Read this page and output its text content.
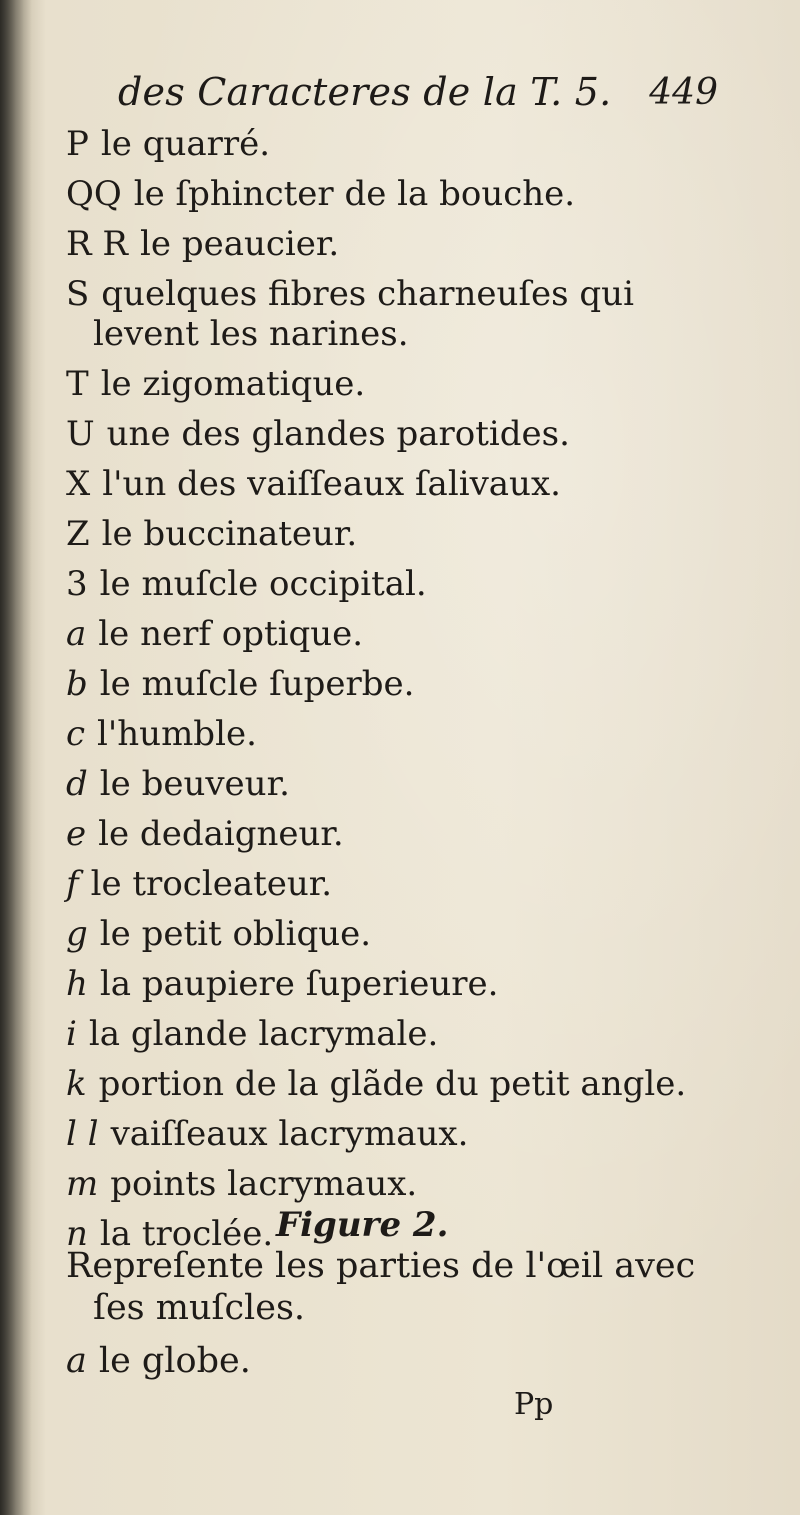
des Caracteres de la T. 5. 449
P le quarré.
QQ le ſphincter de la bouche.
R R le peaucier.
S quelques fibres charneuſes qui
levent les narines.
T le zigomatique.
U une des glandes parotides.
X l'un des vaiſſeaux ſalivaux.
Z le buccinateur.
3 le muſcle occipital.
a le nerf optique.
b le muſcle ſuperbe.
c l'humble.
d le beuveur.
e le dedaigneur.
f le trocleateur.
g le petit oblique.
h la paupiere ſuperieure.
i la glande lacrymale.
k portion de la glãde du petit angle.
l l vaiſſeaux lacrymaux.
m points lacrymaux.
n la troclée. Figure 2.
Repreſente les parties de l'œil avec
ſes muſcles.
a le globe.
Pp
